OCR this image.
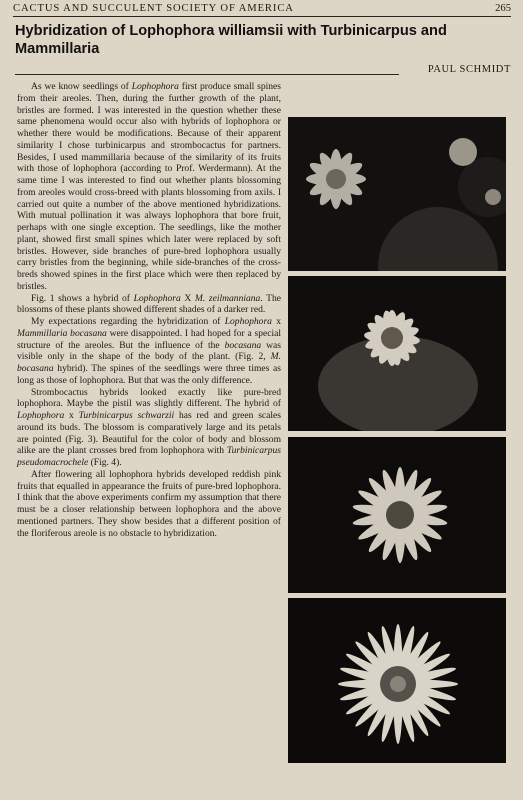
CACTUS AND SUCCULENT SOCIETY OF AMERICA	265
Hybridization of Lophophora williamsii with Turbinicarpus and Mammillaria
PAUL SCHMIDT

As we know seedlings of Lophophora first produce small spines from their areoles. Then, during the further growth of the plant, bristles are formed. I was interested in the question whether these same phenomena would occur also with hybrids of lophophora or whether there would be modifications. Because of their apparent similarity I chose turbinicarpus and strombocactus for partners. Besides, I used mammillaria because of the similarity of its fruits with those of lophophora (according to Prof. Werdermann). At the same time I was interested to find out whether plants blossoming from areoles would cross-breed with plants blossoming from axils. I carried out quite a number of the above mentioned hybridizations. With mutual pollination it was always lophophora that bore fruit, perhaps with one single exception. The seedlings, like the mother plant, showed first small spines which later were replaced by soft bristles. However, side branches of pure-bred lophophora usually carry bristles from the beginning, while side-branches of the cross-breds showed spines in the first place which were then replaced by bristles.

Fig. 1 shows a hybrid of Lophophora X M. zeilmanniana. The blossoms of these plants showed different shades of a darker red.

My expectations regarding the hybridization of Lophophora x Mammillaria bocasana were disappointed. I had hoped for a special structure of the areoles. But the influence of the bocasana was visible only in the shape of the body of the plant. (Fig. 2, M. bocasana hybrid). The spines of the seedlings were three times as long as those of lophophora. But that was the only difference.

Strombocactus hybrids looked exactly like pure-bred lophophora. Maybe the pistil was slightly different. The hybrid of Lophophora x Turbinicarpus schwarzii has red and green scales around its buds. The blossom is comparatively large and its petals are pointed (Fig. 3). Beautiful for the color of body and blossom alike are the plant crosses bred from lophophora with Turbinicarpus pseudomacrochele (Fig. 4).

After flowering all lophophora hybrids developed reddish pink fruits that equalled in appearance the fruits of pure-bred lophophora. I think that the above experiments confirm my assumption that there must be a closer relationship between lophophora and the above mentioned partners. They show besides that a different position of the floriferous areole is no obstacle to hybridization.
